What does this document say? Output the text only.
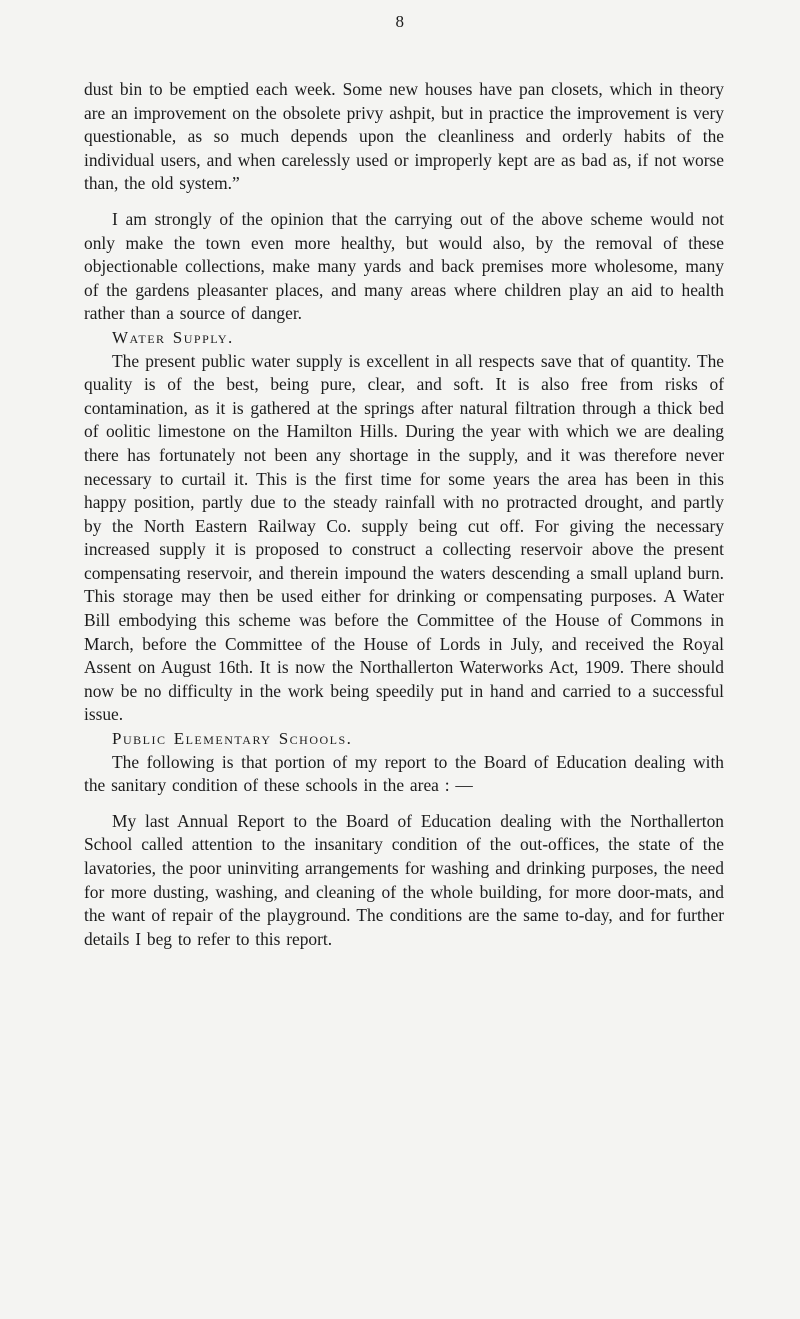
8

dust bin to be emptied each week. Some new houses have pan closets, which in theory are an improvement on the obsolete privy ashpit, but in practice the improvement is very questionable, as so much depends upon the cleanliness and orderly habits of the individual users, and when carelessly used or improperly kept are as bad as, if not worse than, the old system.”

I am strongly of the opinion that the carrying out of the above scheme would not only make the town even more healthy, but would also, by the removal of these objectionable collections, make many yards and back premises more wholesome, many of the gardens pleasanter places, and many areas where children play an aid to health rather than a source of danger.

Water Supply.

The present public water supply is excellent in all respects save that of quantity. The quality is of the best, being pure, clear, and soft. It is also free from risks of contamination, as it is gathered at the springs after natural filtration through a thick bed of oolitic limestone on the Hamilton Hills. During the year with which we are dealing there has fortunately not been any shortage in the supply, and it was therefore never necessary to curtail it. This is the first time for some years the area has been in this happy position, partly due to the steady rainfall with no protracted drought, and partly by the North Eastern Railway Co. supply being cut off. For giving the necessary increased supply it is proposed to construct a collecting reservoir above the present compensating reservoir, and therein impound the waters descending a small upland burn. This storage may then be used either for drinking or compensating purposes. A Water Bill embodying this scheme was before the Committee of the House of Commons in March, before the Committee of the House of Lords in July, and received the Royal Assent on August 16th. It is now the Northallerton Waterworks Act, 1909. There should now be no difficulty in the work being speedily put in hand and carried to a successful issue.

Public Elementary Schools.

The following is that portion of my report to the Board of Education dealing with the sanitary condition of these schools in the area : —

My last Annual Report to the Board of Education dealing with the Northallerton School called attention to the insanitary condition of the out-offices, the state of the lavatories, the poor uninviting arrangements for washing and drinking purposes, the need for more dusting, washing, and cleaning of the whole building, for more door-mats, and the want of repair of the playground. The conditions are the same to-day, and for further details I beg to refer to this report.
